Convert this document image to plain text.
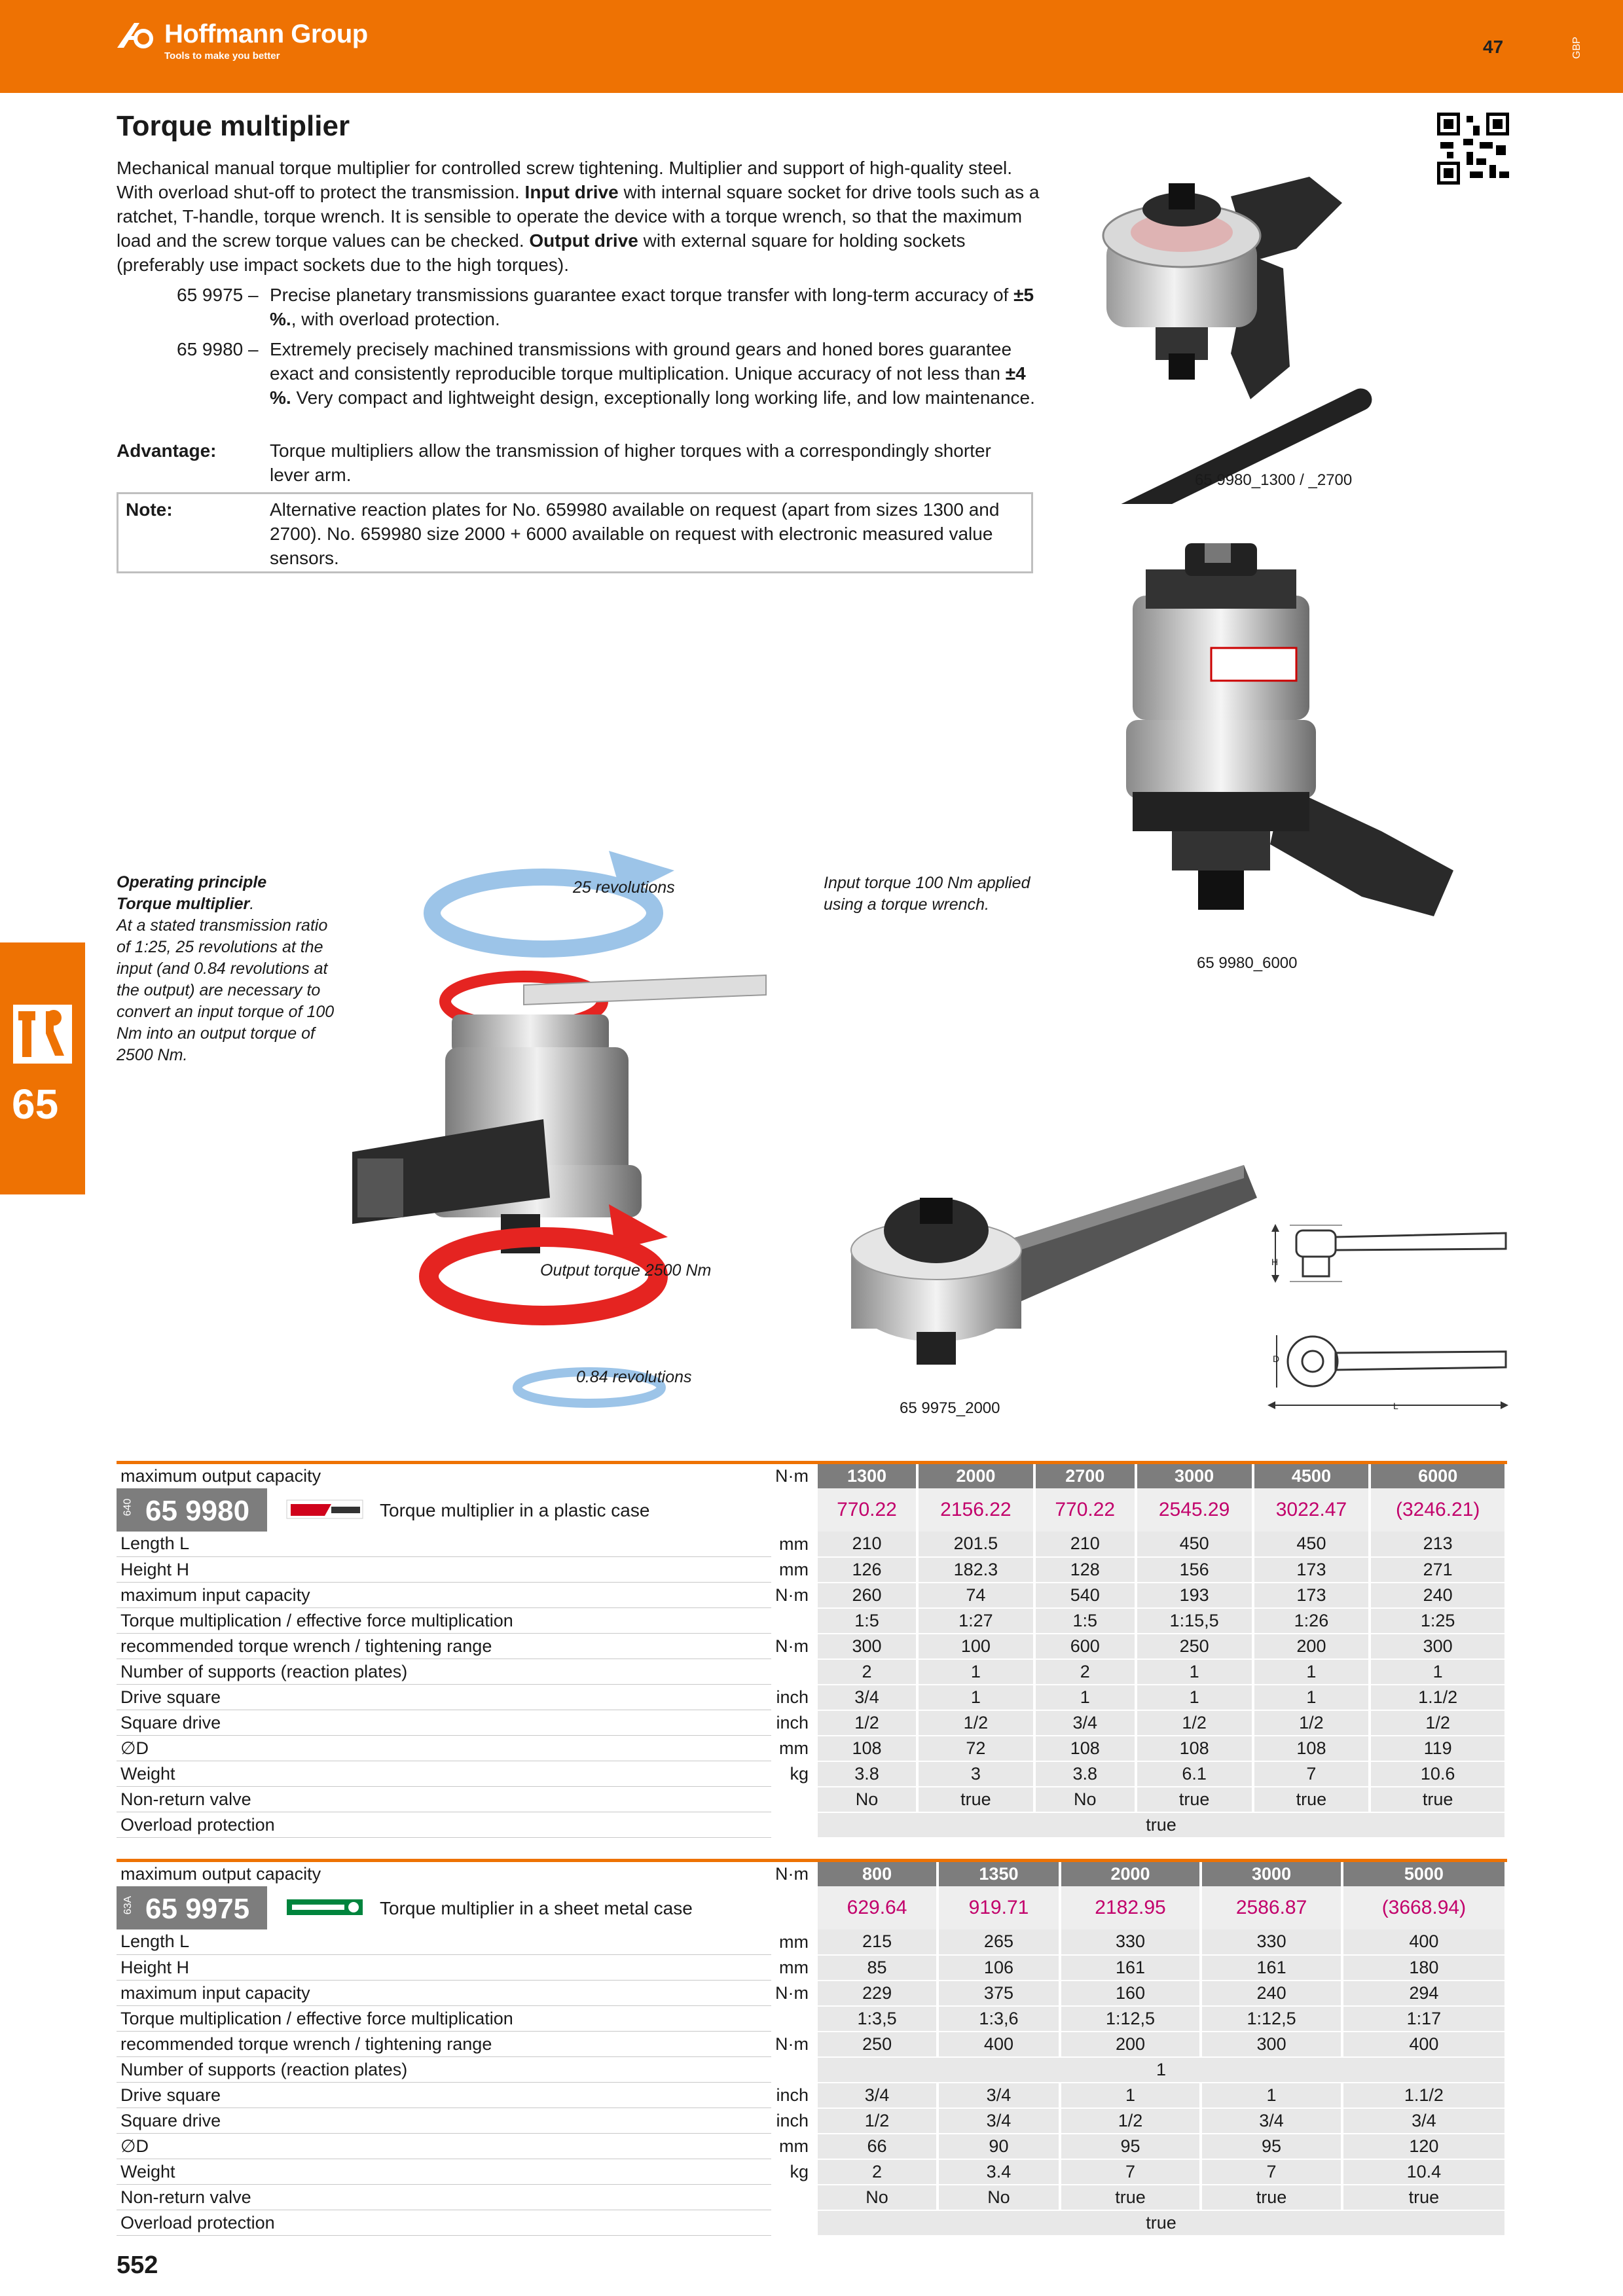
Hoffmann Group
Tools to make you better	47	GBP
65
Torque multiplier
Mechanical manual torque multiplier for controlled screw tightening. Multiplier and support of high-quality steel. With overload shut-off to protect the transmission. Input drive with internal square socket for drive tools such as a ratchet, T-handle, torque wrench. It is sensible to operate the device with a torque wrench, so that the maximum load and the screw torque values can be checked. Output drive with external square for holding sockets (preferably use impact sockets due to the high torques).
65 9975 – Precise planetary transmissions guarantee exact torque transfer with long-term accuracy of ±5 %., with overload protection.
65 9980 – Extremely precisely machined transmissions with ground gears and honed bores guarantee exact and consistently reproducible torque multiplication. Unique accuracy of not less than ±4 %. Very compact and lightweight design, exceptionally long working life, and low maintenance.
Advantage:	Torque multipliers allow the transmission of higher torques with a correspondingly shorter lever arm.
Note:	Alternative reaction plates for No. 659980 available on request (apart from sizes 1300 and 2700). No. 659980 size 2000 + 6000 available on request with electronic measured value sensors.
65 9980_1300 / _2700
65 9980_6000
Operating principle
Torque multiplier.
At a stated transmission ratio of 1:25, 25 revolutions at the input (and 0.84 revolutions at the output) are necessary to convert an input torque of 100 Nm into an output torque of 2500 Nm.
25 revolutions	Input torque 100 Nm applied using a torque wrench.
Output torque 2500 Nm
0.84 revolutions
65 9975_2000
H
D
L
maximum output capacity	N·m	1300	2000	2700	3000	4500	6000

640 65 9980 Torque multiplier in a plastic case		770.22	2156.22	770.22	2545.29	3022.47	(3246.21)
Length L	mm	210	201.5	210	450	450	213
Height H	mm	126	182.3	128	156	173	271
maximum input capacity	N·m	260	74	540	193	173	240
Torque multiplication / effective force multiplication		1:5	1:27	1:5	1:15,5	1:26	1:25
recommended torque wrench / tightening range	N·m	300	100	600	250	200	300
Number of supports (reaction plates)		2	1	2	1	1	1
Drive square	inch	3/4	1	1	1	1	1.1/2
Square drive	inch	1/2	1/2	3/4	1/2	1/2	1/2
∅D	mm	108	72	108	108	108	119
Weight	kg	3.8	3	3.8	6.1	7	10.6
Non-return valve		No	true	No	true	true	true
Overload protection		true					
maximum output capacity	N·m	800	1350	2000	3000	5000

63A 65 9975 Torque multiplier in a sheet metal case		629.64	919.71	2182.95	2586.87	(3668.94)
Length L	mm	215	265	330	330	400
Height H	mm	85	106	161	161	180
maximum input capacity	N·m	229	375	160	240	294
Torque multiplication / effective force multiplication		1:3,5	1:3,6	1:12,5	1:12,5	1:17
recommended torque wrench / tightening range	N·m	250	400	200	300	400
Number of supports (reaction plates)		1				
Drive square	inch	3/4	3/4	1	1	1.1/2
Square drive	inch	1/2	3/4	1/2	3/4	3/4
∅D	mm	66	90	95	95	120
Weight	kg	2	3.4	7	7	10.4
Non-return valve		No	No	true	true	true
Overload protection		true				
552
